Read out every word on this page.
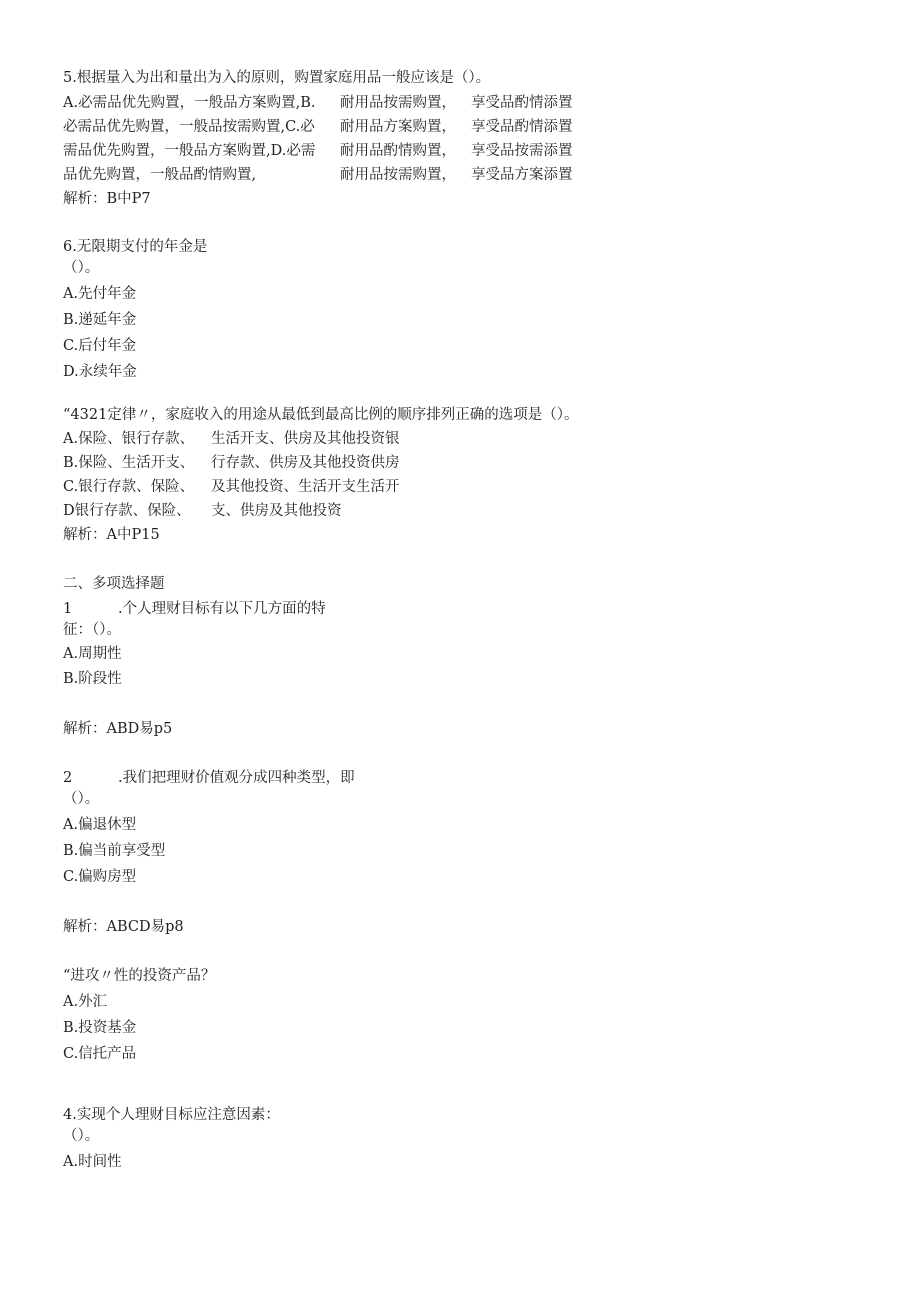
5.根据量入为出和量出为入的原则，购置家庭用品一般应该是（）。
A.必需品优先购置，一般品方案购置,B. 耐用品按需购置， 享受品酌情添置
必需品优先购置，一般品按需购置,C.必 耐用品方案购置， 享受品酌情添置
需品优先购置，一般品方案购置,D.必需 耐用品酌情购置， 享受品按需添置
品优先购置，一般品酌情购置,	耐用品按需购置， 享受品方案添置
解析：B中P7
6.无限期支付的年金是
（）。
A.先付年金
B.递延年金
C.后付年金
D.永续年金
“4321定律〃，家庭收入的用途从最低到最高比例的顺序排列正确的选项是（）。
A.保险、银行存款、 生活开支、供房及其他投资银
B.保险、生活开支、 行存款、供房及其他投资供房
C.银行存款、保险、 及其他投资、生活开支生活开
D银行存款、保险、 支、供房及其他投资
解析：A中P15
二、多项选择题
1	.个人理财目标有以下几方面的特
征：（）。
A.周期性
B.阶段性
解析：ABD易p5
2	.我们把理财价值观分成四种类型，即
（）。
A.偏退休型
B.偏当前享受型
C.偏购房型
解析：ABCD易p8
“进攻〃性的投资产品？
A.外汇
B.投资基金
C.信托产品
4.实现个人理财目标应注意因素：
（）。
A.时间性
